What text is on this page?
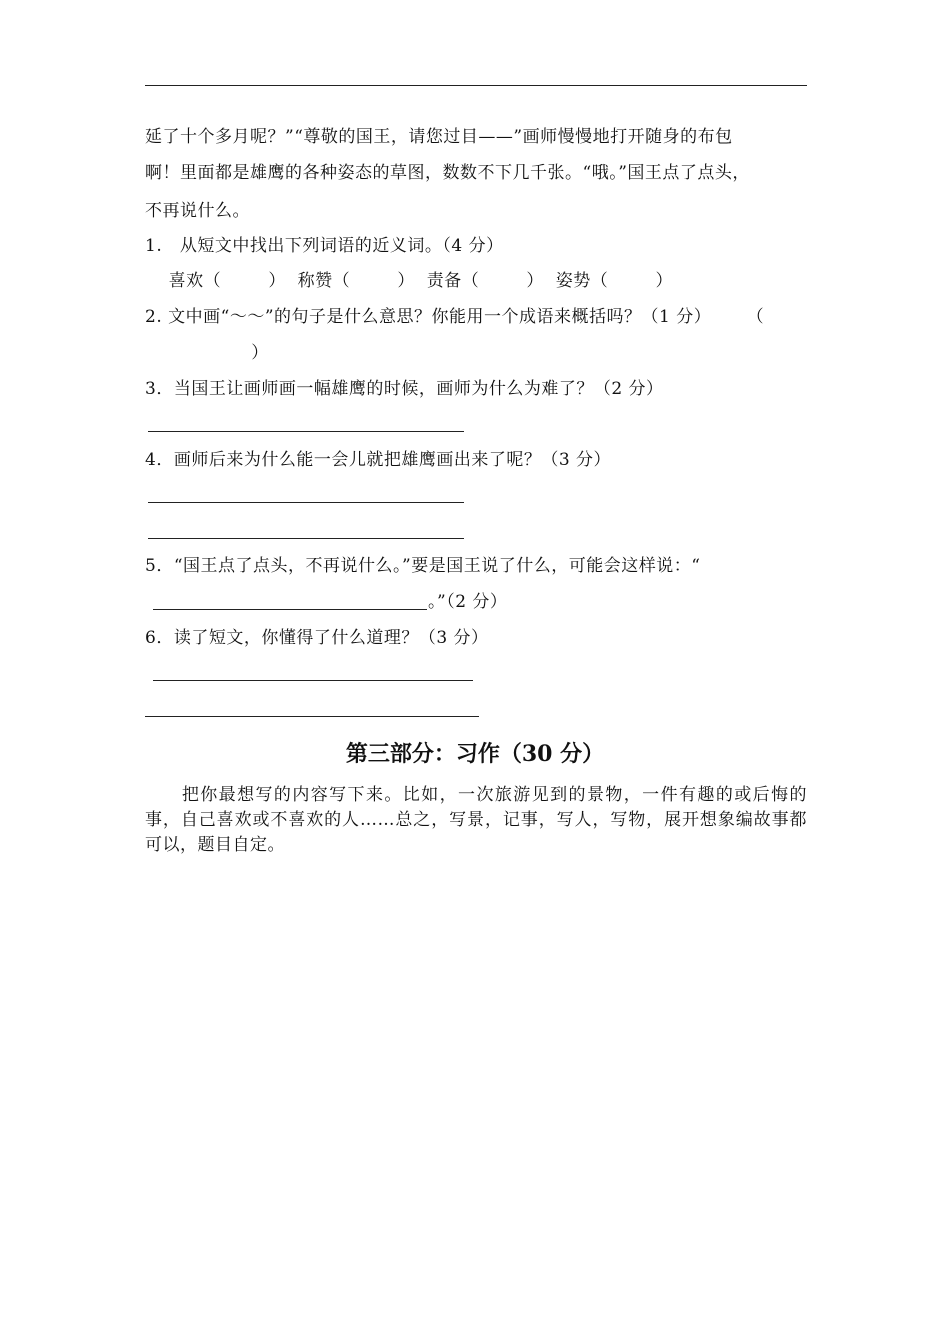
延了十个多月呢？”“尊敬的国王，请您过目——”画师慢慢地打开随身的布包
啊！里面都是雄鹰的各种姿态的草图，数数不下几千张。“哦。”国王点了点头，
不再说什么。
1.   从短文中找出下列词语的近义词。（4 分）
喜欢（        ）  称赞（        ）  责备（        ）  姿势（        ）
2. 文中画“～～”的句子是什么意思？你能用一个成语来概括吗？（1 分）      （
）
3．当国王让画师画一幅雄鹰的时候，画师为什么为难了？（2 分）
4．画师后来为什么能一会儿就把雄鹰画出来了呢？（3 分）
5．“国王点了点头，不再说什么。”要是国王说了什么，可能会这样说：“
。”（2 分）
6．读了短文，你懂得了什么道理？（3 分）
第三部分：习作（30 分）
　　把你最想写的内容写下来。比如，一次旅游见到的景物，一件有趣的或后悔的事，自己喜欢或不喜欢的人……总之，写景，记事，写人，写物，展开想象编故事都可以，题目自定。
